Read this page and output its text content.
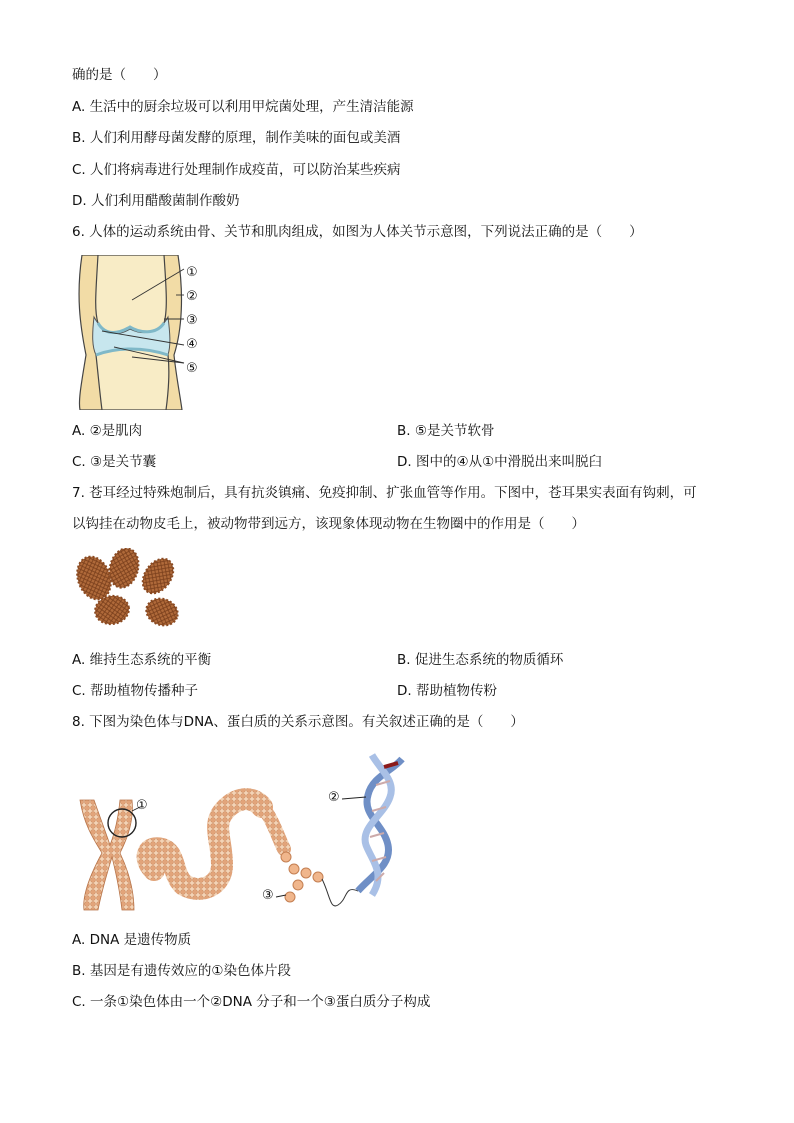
确的是（　　）
A. 生活中的厨余垃圾可以利用甲烷菌处理，产生清洁能源
B. 人们利用酵母菌发酵的原理，制作美味的面包或美酒
C. 人们将病毒进行处理制作成疫苗，可以防治某些疾病
D. 人们利用醋酸菌制作酸奶
6. 人体的运动系统由骨、关节和肌肉组成，如图为人体关节示意图，下列说法正确的是（　　）
①
②
③
④
⑤
A. ②是肌肉	B. ⑤是关节软骨
C. ③是关节囊	D. 图中的④从①中滑脱出来叫脱臼
7. 苍耳经过特殊炮制后，具有抗炎镇痛、免疫抑制、扩张血管等作用。下图中，苍耳果实表面有钩刺，可
以钩挂在动物皮毛上，被动物带到远方，该现象体现动物在生物圈中的作用是（　　）
A. 维持生态系统的平衡	B. 促进生态系统的物质循环
C. 帮助植物传播种子	D. 帮助植物传粉
8. 下图为染色体与DNA、蛋白质的关系示意图。有关叙述正确的是（　　）
①
②
③
A. DNA 是遗传物质
B. 基因是有遗传效应的①染色体片段
C. 一条①染色体由一个②DNA 分子和一个③蛋白质分子构成
